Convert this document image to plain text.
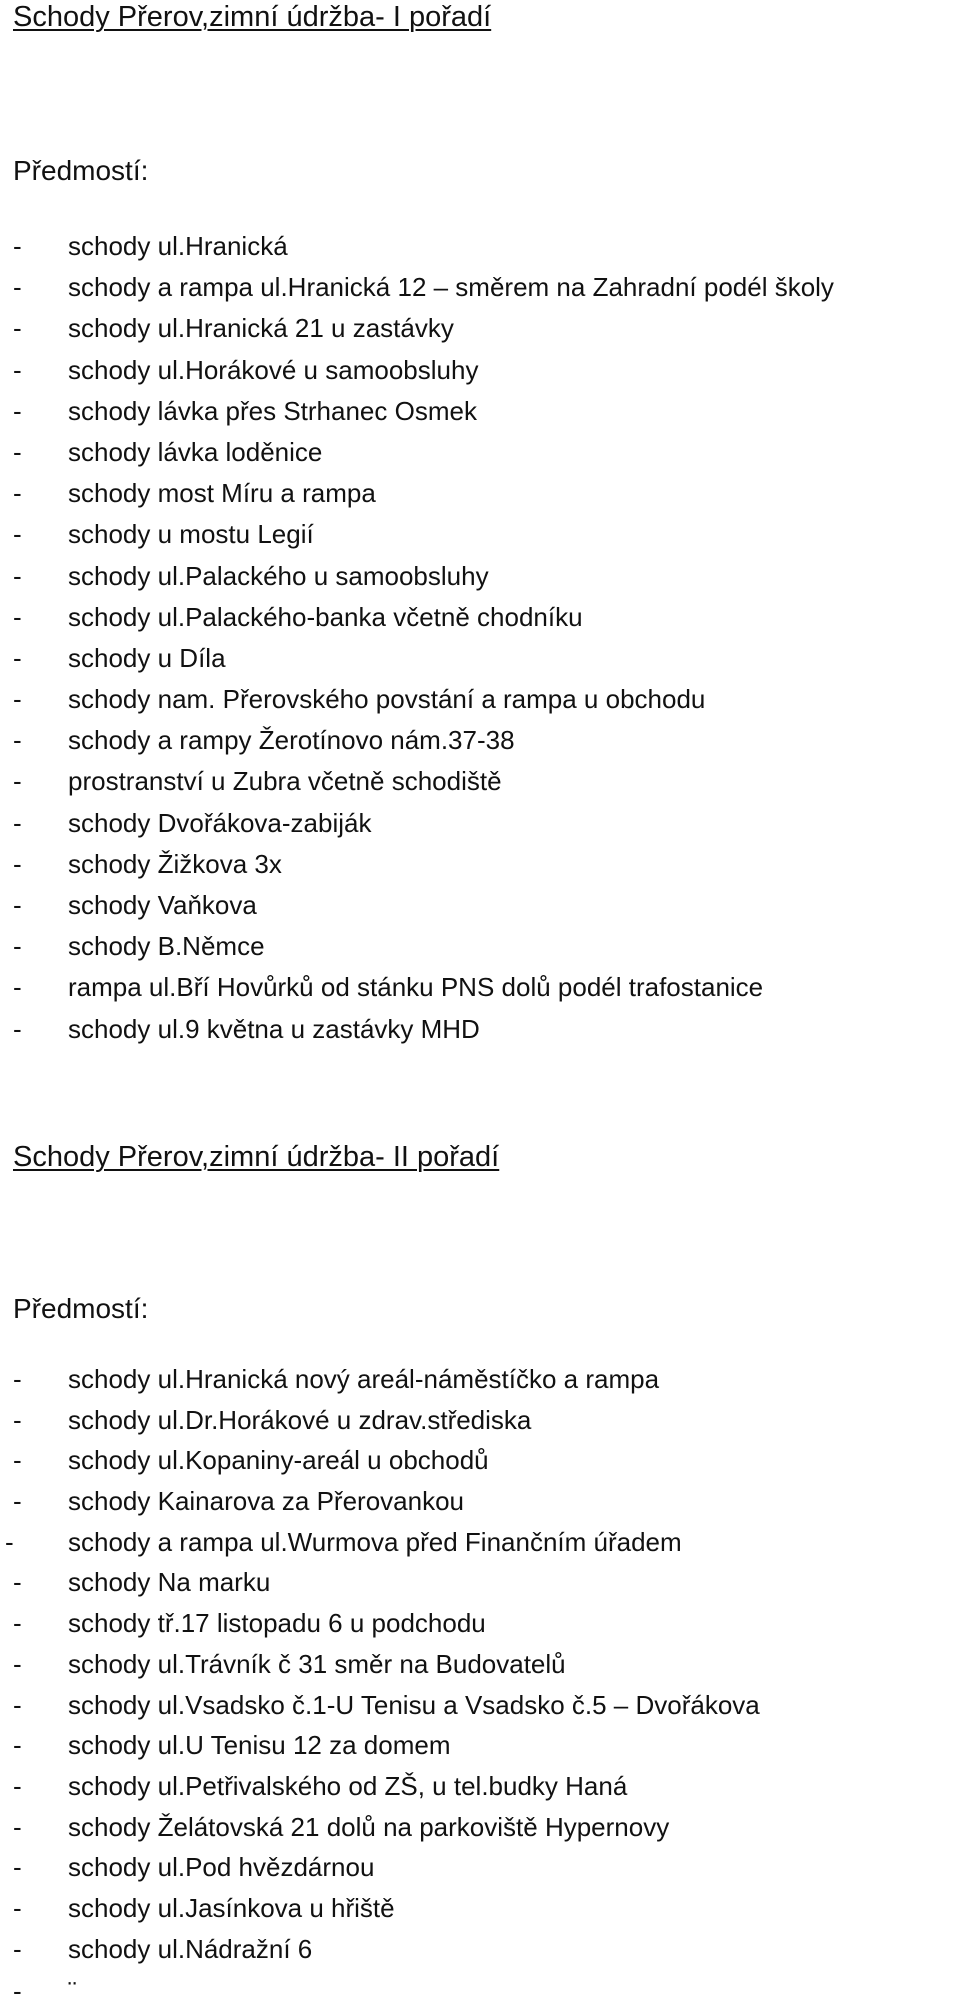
Schody Přerov,zimní údržba- I pořadí

Předmostí:

- schody ul.Hranická
- schody a rampa ul.Hranická 12 – směrem na Zahradní podél školy
- schody ul.Hranická 21 u zastávky
- schody ul.Horákové u samoobsluhy
- schody lávka přes Strhanec Osmek
- schody lávka loděnice
- schody most Míru a rampa
- schody u mostu Legií
- schody ul.Palackého u samoobsluhy
- schody ul.Palackého-banka včetně chodníku
- schody u Díla
- schody nam. Přerovského povstání a rampa u obchodu
- schody a rampy Žerotínovo nám.37-38
- prostranství u Zubra včetně schodiště
- schody Dvořákova-zabiják
- schody Žižkova 3x
- schody Vaňkova
- schody B.Němce
- rampa ul.Bří Hovůrků od stánku PNS dolů podél trafostanice
- schody ul.9 května u zastávky MHD
Schody Přerov,zimní údržba- II pořadí

Předmostí:

- schody ul.Hranická nový areál-náměstíčko a rampa
- schody ul.Dr.Horákové u zdrav.střediska
- schody ul.Kopaniny-areál u obchodů
- schody Kainarova za Přerovankou
- schody a rampa ul.Wurmova před Finančním úřadem
- schody Na marku
- schody tř.17 listopadu 6 u podchodu
- schody ul.Trávník č 31 směr na Budovatelů
- schody ul.Vsadsko č.1-U Tenisu a Vsadsko č.5 – Dvořákova
- schody ul.U Tenisu 12 za domem
- schody ul.Petřivalského od ZŠ, u tel.budky Haná
- schody Želátovská 21 dolů na parkoviště Hypernovy
- schody ul.Pod hvězdárnou
- schody ul.Jasínkova u hřiště
- schody ul.Nádražní 6
- ¨
